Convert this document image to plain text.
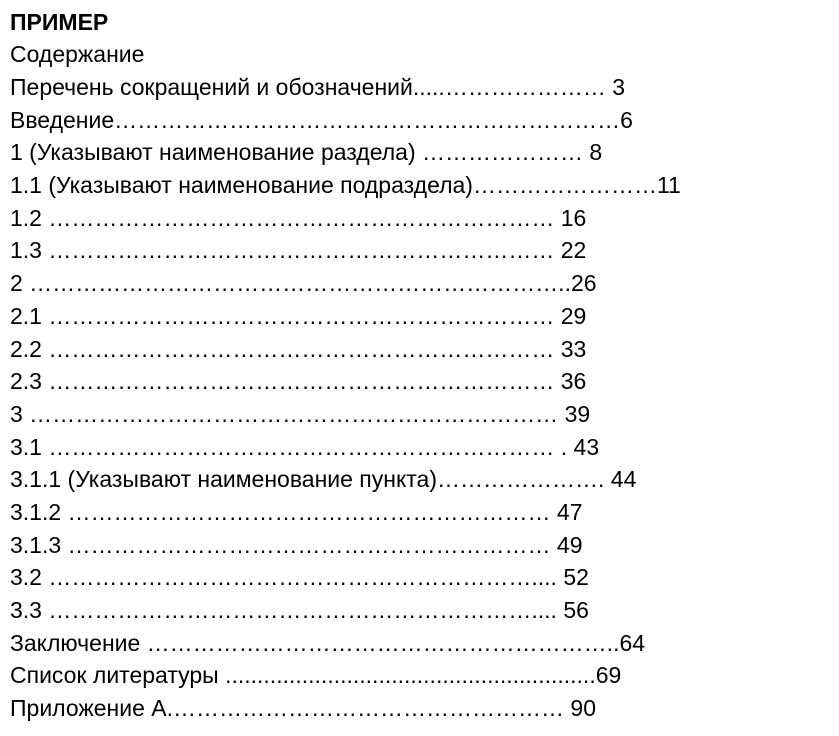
ПРИМЕР
Содержание
Перечень сокращений и обозначений.....………………… 3
Введение…………………………………………………………6
1 (Указывают наименование раздела) ………………… 8
1.1 (Указывают наименование подраздела)……………………11
1.2 ………………………………………………………… 16
1.3 ………………………………………………………… 22
2 ……………………………………………………………..26
2.1 ………………………………………………………… 29
2.2 ………………………………………………………… 33
2.3 ………………………………………………………… 36
3 …………………………………………………………… 39
3.1 ………………………………………………………… . 43
3.1.1 (Указывают наименование пункта)…………………. 44
3.1.2 ……………………………………………………… 47
3.1.3 ……………………………………………………… 49
3.2 ……………………………………………………….... 52
3.3 ……………………………………………………….... 56
Заключение ……………………………………………………..64
Список литературы ..........................................................69
Приложение А.…………………………………………… 90
